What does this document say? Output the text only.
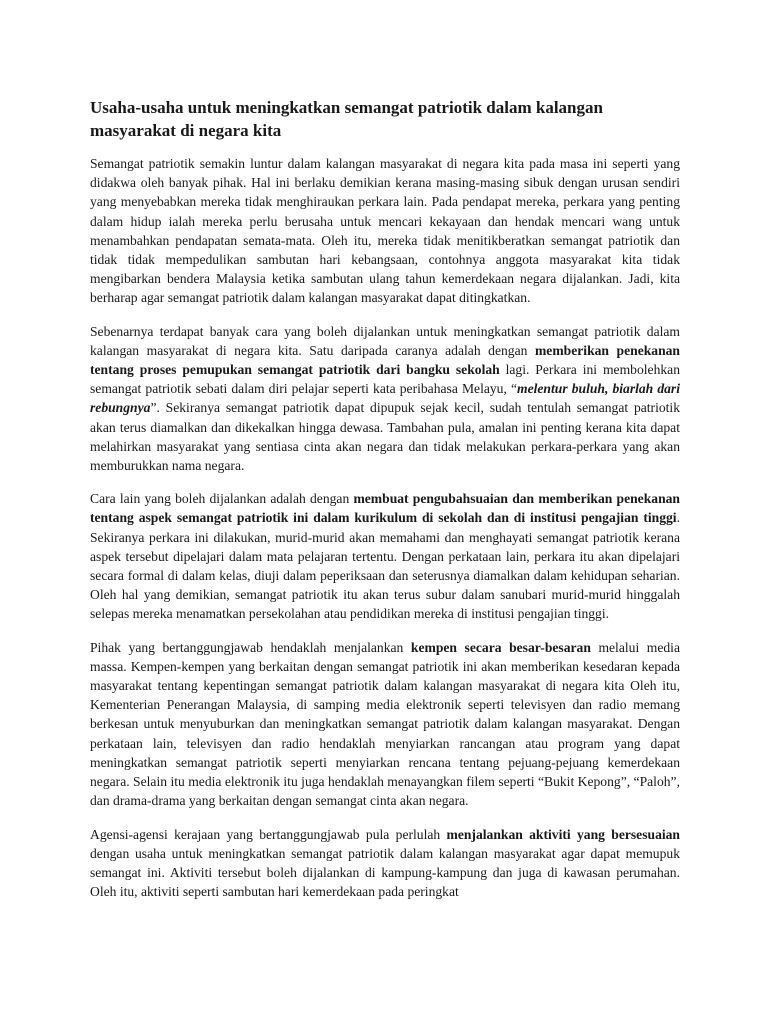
Usaha-usaha untuk meningkatkan semangat patriotik dalam kalangan masyarakat di negara kita

Semangat patriotik semakin luntur dalam kalangan masyarakat di negara kita pada masa ini seperti yang didakwa oleh banyak pihak. Hal ini berlaku demikian kerana masing-masing sibuk dengan urusan sendiri yang menyebabkan mereka tidak menghiraukan perkara lain. Pada pendapat mereka, perkara yang penting dalam hidup ialah mereka perlu berusaha untuk mencari kekayaan dan hendak mencari wang untuk menambahkan pendapatan semata-mata. Oleh itu, mereka tidak menitikberatkan semangat patriotik dan tidak tidak mempedulikan sambutan hari kebangsaan, contohnya anggota masyarakat kita tidak mengibarkan bendera Malaysia ketika sambutan ulang tahun kemerdekaan negara dijalankan. Jadi, kita berharap agar semangat patriotik dalam kalangan masyarakat dapat ditingkatkan.

Sebenarnya terdapat banyak cara yang boleh dijalankan untuk meningkatkan semangat patriotik dalam kalangan masyarakat di negara kita. Satu daripada caranya adalah dengan memberikan penekanan tentang proses pemupukan semangat patriotik dari bangku sekolah lagi. Perkara ini membolehkan semangat patriotik sebati dalam diri pelajar seperti kata peribahasa Melayu, “melentur buluh, biarlah dari rebungnya”. Sekiranya semangat patriotik dapat dipupuk sejak kecil, sudah tentulah semangat patriotik akan terus diamalkan dan dikekalkan hingga dewasa. Tambahan pula, amalan ini penting kerana kita dapat melahirkan masyarakat yang sentiasa cinta akan negara dan tidak melakukan perkara-perkara yang akan memburukkan nama negara.

Cara lain yang boleh dijalankan adalah dengan membuat pengubahsuaian dan memberikan penekanan tentang aspek semangat patriotik ini dalam kurikulum di sekolah dan di institusi pengajian tinggi. Sekiranya perkara ini dilakukan, murid-murid akan memahami dan menghayati semangat patriotik kerana aspek tersebut dipelajari dalam mata pelajaran tertentu. Dengan perkataan lain, perkara itu akan dipelajari secara formal di dalam kelas, diuji dalam peperiksaan dan seterusnya diamalkan dalam kehidupan seharian. Oleh hal yang demikian, semangat patriotik itu akan terus subur dalam sanubari murid-murid hinggalah selepas mereka menamatkan persekolahan atau pendidikan mereka di institusi pengajian tinggi.

Pihak yang bertanggungjawab hendaklah menjalankan kempen secara besar-besaran melalui media massa. Kempen-kempen yang berkaitan dengan semangat patriotik ini akan memberikan kesedaran kepada masyarakat tentang kepentingan semangat patriotik dalam kalangan masyarakat di negara kita Oleh itu, Kementerian Penerangan Malaysia, di samping media elektronik seperti televisyen dan radio memang berkesan untuk menyuburkan dan meningkatkan semangat patriotik dalam kalangan masyarakat. Dengan perkataan lain, televisyen dan radio hendaklah menyiarkan rancangan atau program yang dapat meningkatkan semangat patriotik seperti menyiarkan rencana tentang pejuang-pejuang kemerdekaan negara. Selain itu media elektronik itu juga hendaklah menayangkan filem seperti “Bukit Kepong”, “Paloh”, dan drama-drama yang berkaitan dengan semangat cinta akan negara.

Agensi-agensi kerajaan yang bertanggungjawab pula perlulah menjalankan aktiviti yang bersesuaian dengan usaha untuk meningkatkan semangat patriotik dalam kalangan masyarakat agar dapat memupuk semangat ini. Aktiviti tersebut boleh dijalankan di kampung-kampung dan juga di kawasan perumahan. Oleh itu, aktiviti seperti sambutan hari kemerdekaan pada peringkat
